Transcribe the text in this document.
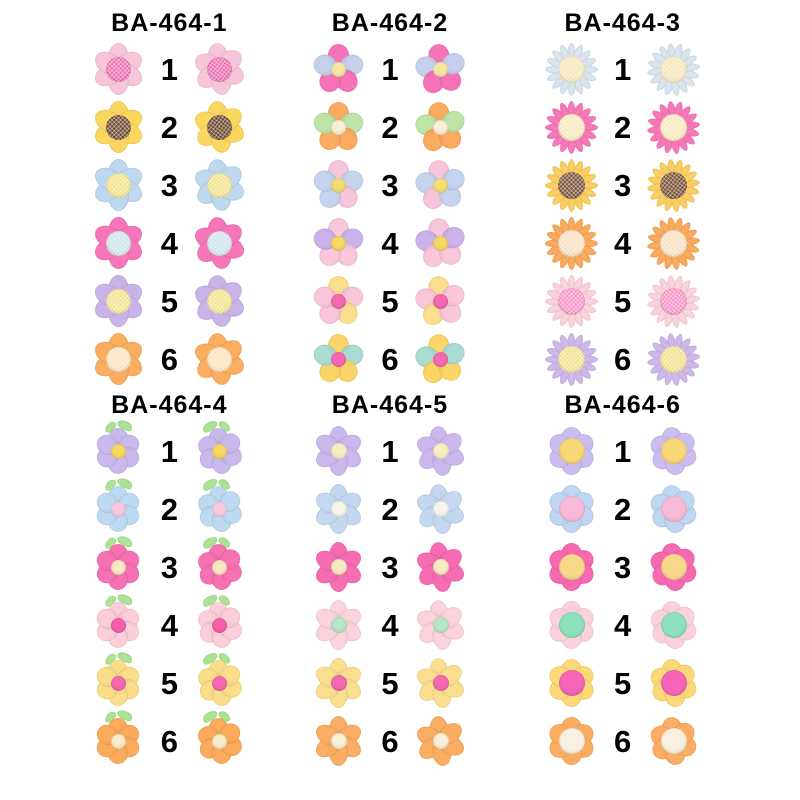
BA-464-1
1
2
3
4
5
6
BA-464-2
1
2
3
4
5
6
BA-464-3
1
2
3
4
5
6
BA-464-4
1
2
3
4
5
6
BA-464-5
1
2
3
4
5
6
BA-464-6
1
2
3
4
5
6
